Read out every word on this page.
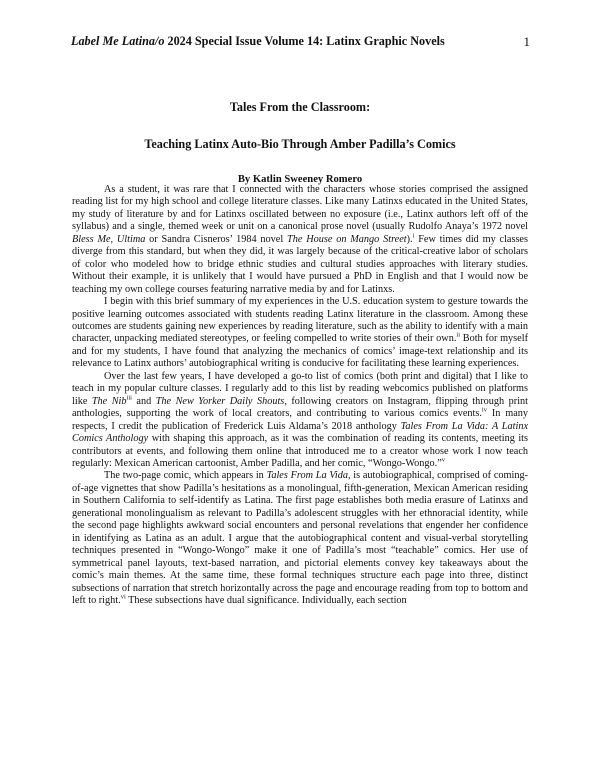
Label Me Latina/o 2024 Special Issue Volume 14: Latinx Graphic Novels	1

Tales From the Classroom:

Teaching Latinx Auto-Bio Through Amber Padilla’s Comics

By Katlin Sweeney Romero

As a student, it was rare that I connected with the characters whose stories comprised the assigned reading list for my high school and college literature classes. Like many Latinxs educated in the United States, my study of literature by and for Latinxs oscillated between no exposure (i.e., Latinx authors left off of the syllabus) and a single, themed week or unit on a canonical prose novel (usually Rudolfo Anaya’s 1972 novel Bless Me, Ultima or Sandra Cisneros’ 1984 novel The House on Mango Street).$^i$ Few times did my classes diverge from this standard, but when they did, it was largely because of the critical-creative labor of scholars of color who modeled how to bridge ethnic studies and cultural studies approaches with literary studies. Without their example, it is unlikely that I would have pursued a PhD in English and that I would now be teaching my own college courses featuring narrative media by and for Latinxs.

I begin with this brief summary of my experiences in the U.S. education system to gesture towards the positive learning outcomes associated with students reading Latinx literature in the classroom. Among these outcomes are students gaining new experiences by reading literature, such as the ability to identify with a main character, unpacking mediated stereotypes, or feeling compelled to write stories of their own.$^{ii}$ Both for myself and for my students, I have found that analyzing the mechanics of comics’ image-text relationship and its relevance to Latinx authors’ autobiographical writing is conducive for facilitating these learning experiences.

Over the last few years, I have developed a go-to list of comics (both print and digital) that I like to teach in my popular culture classes. I regularly add to this list by reading webcomics published on platforms like The Nib$^{iii}$ and The New Yorker Daily Shouts, following creators on Instagram, flipping through print anthologies, supporting the work of local creators, and contributing to various comics events.$^{iv}$ In many respects, I credit the publication of Frederick Luis Aldama’s 2018 anthology Tales From La Vida: A Latinx Comics Anthology with shaping this approach, as it was the combination of reading its contents, meeting its contributors at events, and following them online that introduced me to a creator whose work I now teach regularly: Mexican American cartoonist, Amber Padilla, and her comic, “Wongo-Wongo.”$^v$

The two-page comic, which appears in Tales From La Vida, is autobiographical, comprised of coming-of-age vignettes that show Padilla’s hesitations as a monolingual, fifth-generation, Mexican American residing in Southern California to self-identify as Latina. The first page establishes both media erasure of Latinxs and generational monolingualism as relevant to Padilla’s adolescent struggles with her ethnoracial identity, while the second page highlights awkward social encounters and personal revelations that engender her confidence in identifying as Latina as an adult. I argue that the autobiographical content and visual-verbal storytelling techniques presented in “Wongo-Wongo” make it one of Padilla’s most “teachable” comics. Her use of symmetrical panel layouts, text-based narration, and pictorial elements convey key takeaways about the comic’s main themes. At the same time, these formal techniques structure each page into three, distinct subsections of narration that stretch horizontally across the page and encourage reading from top to bottom and left to right.$^{vi}$ These subsections have dual significance. Individually, each section
